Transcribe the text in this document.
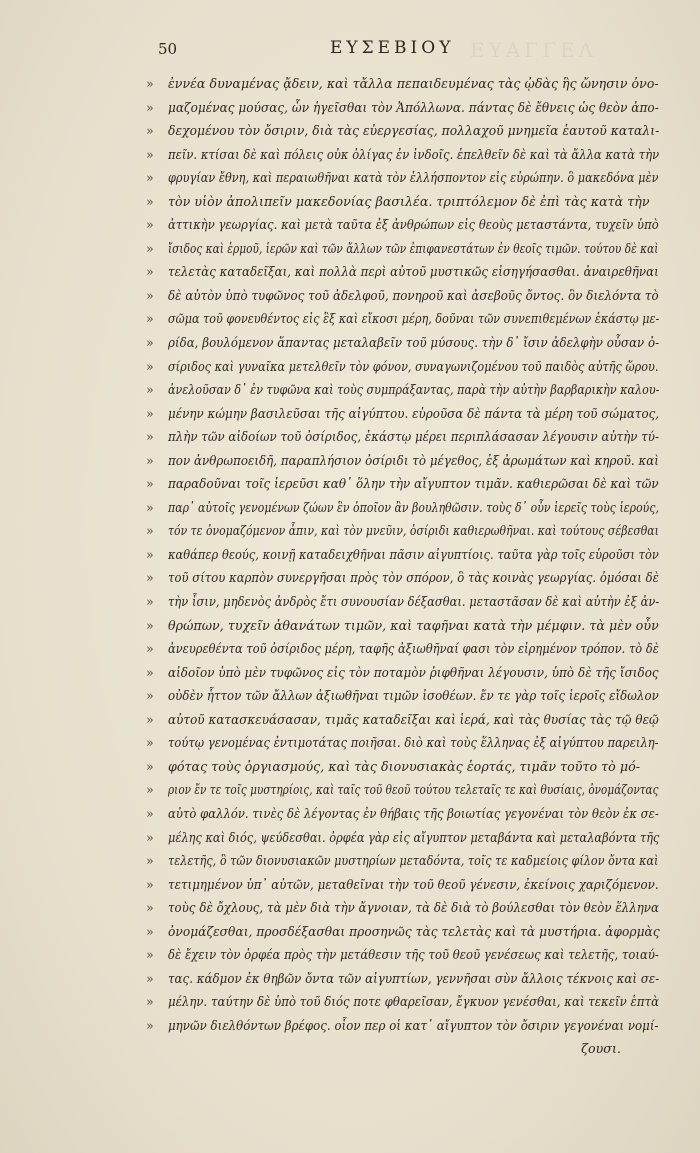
ΕΥΑΓΓΕΛ
50	ΕΥΣΕΒΙΟΥ
» ἐννέα δυναμένας ᾄδειν, καὶ τἄλλα πεπαιδευμένας τὰς ᾠδὰς ἣς ὤνησιν ὀνο-
» μαζομένας μούσας, ὧν ἡγεῖσθαι τὸν Ἀπόλλωνα. πάντας δὲ ἔθνεις ὡς θεὸν ἀπο-
» δεχομένου τὸν ὄσιριν, διὰ τὰς εὐεργεσίας, πολλαχοῦ μνημεῖα ἑαυτοῦ καταλι-
» πεῖν. κτίσαι δὲ καὶ πόλεις οὐκ ὀλίγας ἐν ἰνδοῖς. ἐπελθεῖν δὲ καὶ τὰ ἄλλα κατὰ τὴν
» φρυγίαν ἔθνη, καὶ περαιωθῆναι κατὰ τὸν ἑλλήσποντον εἰς εὐρώπην. ὃ μακεδόνα μὲν
» τὸν υἱὸν ἀπολιπεῖν μακεδονίας βασιλέα. τριπτόλεμον δὲ ἐπὶ τὰς κατὰ τὴν
» ἀττικὴν γεωργίας. καὶ μετὰ ταῦτα ἐξ ἀνθρώπων εἰς θεοὺς μεταστάντα, τυχεῖν ὑπὸ
» ἴσιδος καὶ ἑρμοῦ, ἱερῶν καὶ τῶν ἄλλων τῶν ἐπιφανεστάτων ἐν θεοῖς τιμῶν. τούτου δὲ καὶ
» τελετὰς καταδεῖξαι, καὶ πολλὰ περὶ αὐτοῦ μυστικῶς εἰσηγήσασθαι. ἀναιρεθῆναι
» δὲ αὐτὸν ὑπὸ τυφῶνος τοῦ ἀδελφοῦ, πονηροῦ καὶ ἀσεβοῦς ὄντος. ὃν διελόντα τὸ
» σῶμα τοῦ φονευθέντος εἰς ἓξ καὶ εἴκοσι μέρη, δοῦναι τῶν συνεπιθεμένων ἑκάστῳ με-
» ρίδα, βουλόμενον ἅπαντας μεταλαβεῖν τοῦ μύσους. τὴν δ᾽ ἴσιν ἀδελφὴν οὖσαν ὀ-
» σίριδος καὶ γυναῖκα μετελθεῖν τὸν φόνον, συναγωνιζομένου τοῦ παιδὸς αὐτῆς ὥρου.
» ἀνελοῦσαν δ᾽ ἐν τυφῶνα καὶ τοὺς συμπράξαντας, παρὰ τὴν αὐτὴν βαρβαρικὴν καλου-
» μένην κώμην βασιλεῦσαι τῆς αἰγύπτου. εὑροῦσα δὲ πάντα τὰ μέρη τοῦ σώματος,
» πλὴν τῶν αἰδοίων τοῦ ὀσίριδος, ἑκάστῳ μέρει περιπλάσασαν λέγουσιν αὐτὴν τύ-
» πον ἀνθρωποειδῆ, παραπλήσιον ὀσίριδι τὸ μέγεθος, ἐξ ἀρωμάτων καὶ κηροῦ. καὶ
» παραδοῦναι τοῖς ἱερεῦσι καθ᾽ ὅλην τὴν αἴγυπτον τιμᾶν. καθιερῶσαι δὲ καὶ τῶν
» παρ᾽ αὐτοῖς γενομένων ζώων ἓν ὁποῖον ἂν βουληθῶσιν. τοὺς δ᾽ οὖν ἱερεῖς τοὺς ἱερούς,
» τόν τε ὀνομαζόμενον ἆπιν, καὶ τὸν μνεῦιν, ὀσίριδι καθιερωθῆναι. καὶ τούτους σέβεσθαι
» καθάπερ θεούς, κοινῇ καταδειχθῆναι πᾶσιν αἰγυπτίοις. ταῦτα γὰρ τοῖς εὑροῦσι τὸν
» τοῦ σίτου καρπὸν συνεργῆσαι πρὸς τὸν σπόρον, ὃ τὰς κοινὰς γεωργίας. ὀμόσαι δὲ
» τὴν ἶσιν, μηδενὸς ἀνδρὸς ἔτι συνουσίαν δέξασθαι. μεταστᾶσαν δὲ καὶ αὐτὴν ἐξ ἀν-
» θρώπων, τυχεῖν ἀθανάτων τιμῶν, καὶ ταφῆναι κατὰ τὴν μέμφιν. τὰ μὲν οὖν
» ἀνευρεθέντα τοῦ ὀσίριδος μέρη, ταφῆς ἀξιωθῆναί φασι τὸν εἰρημένον τρόπον. τὸ δὲ
» αἰδοῖον ὑπὸ μὲν τυφῶνος εἰς τὸν ποταμὸν ῥιφθῆναι λέγουσιν, ὑπὸ δὲ τῆς ἴσιδος
» οὐδὲν ἧττον τῶν ἄλλων ἀξιωθῆναι τιμῶν ἰσοθέων. ἔν τε γὰρ τοῖς ἱεροῖς εἴδωλον
» αὐτοῦ κατασκευάσασαν, τιμᾶς καταδεῖξαι καὶ ἱερά, καὶ τὰς θυσίας τὰς τῷ θεῷ
» τούτῳ γενομένας ἐντιμοτάτας ποιῆσαι. διὸ καὶ τοὺς ἕλληνας ἐξ αἰγύπτου παρειλη-
» φότας τοὺς ὀργιασμούς, καὶ τὰς διονυσιακὰς ἑορτάς, τιμᾶν τοῦτο τὸ μό-
» ριον ἔν τε τοῖς μυστηρίοις, καὶ ταῖς τοῦ θεοῦ τούτου τελεταῖς τε καὶ θυσίαις, ὀνομάζοντας
» αὐτὸ φαλλόν. τινὲς δὲ λέγοντας ἐν θήβαις τῆς βοιωτίας γεγονέναι τὸν θεὸν ἐκ σε-
» μέλης καὶ διός, ψεύδεσθαι. ὀρφέα γὰρ εἰς αἴγυπτον μεταβάντα καὶ μεταλαβόντα τῆς
» τελετῆς, ὃ τῶν διονυσιακῶν μυστηρίων μεταδόντα, τοῖς τε καδμείοις φίλον ὄντα καὶ
» τετιμημένον ὑπ᾽ αὐτῶν, μεταθεῖναι τὴν τοῦ θεοῦ γένεσιν, ἐκείνοις χαριζόμενον.
» τοὺς δὲ ὄχλους, τὰ μὲν διὰ τὴν ἄγνοιαν, τὰ δὲ διὰ τὸ βούλεσθαι τὸν θεὸν ἕλληνα
» ὀνομάζεσθαι, προσδέξασθαι προσηνῶς τὰς τελετὰς καὶ τὰ μυστήρια. ἀφορμὰς
» δὲ ἔχειν τὸν ὀρφέα πρὸς τὴν μετάθεσιν τῆς τοῦ θεοῦ γενέσεως καὶ τελετῆς, τοιαύ-
» τας. κάδμον ἐκ θηβῶν ὄντα τῶν αἰγυπτίων, γεννῆσαι σὺν ἄλλοις τέκνοις καὶ σε-
» μέλην. ταύτην δὲ ὑπὸ τοῦ διός ποτε φθαρεῖσαν, ἔγκυον γενέσθαι, καὶ τεκεῖν ἑπτὰ
» μηνῶν διελθόντων βρέφος. οἷον περ οἱ κατ᾽ αἴγυπτον τὸν ὄσιριν γεγονέναι νομί-
ζουσι.
